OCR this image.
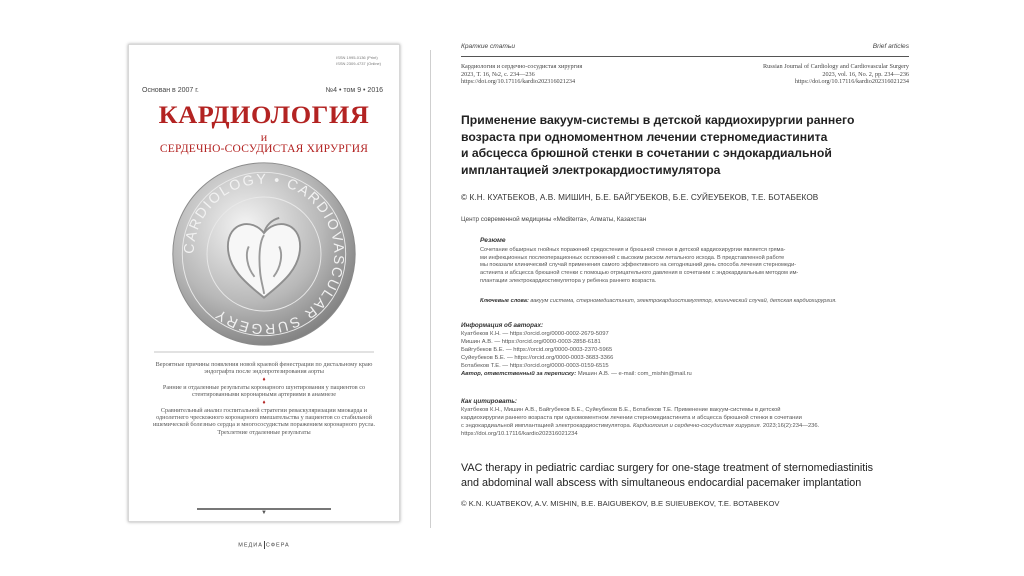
ISSN 1995-0136 (Print)
ISSN 2309-4737 (Online)
Основан в 2007 г.	№4 • том 9 • 2016
КАРДИОЛОГИЯ
и
СЕРДЕЧНО-СОСУДИСТАЯ ХИРУРГИЯ
CARDIOLOGY • CARDIOVASCULAR SURGERY
Вероятные причины появления новой краевой фенестрации по дистальному краю эндографта после эндопротезирования аорты
♦
Ранние и отдаленные результаты коронарного шунтирования у пациентов со стентированными коронарными артериями в анамнезе
♦
Сравнительный анализ госпитальной стратегии реваскуляризации миокарда и однолетнего чрескожного коронарного вмешательства у пациентов со стабильной ишемической болезнью сердца и многососудистым поражением коронарного русла. Трехлетние отдаленные результаты
▼
МЕДИА СФЕРА
Краткие статьи	Brief articles
Кардиология и сердечно-сосудистая хирургия
2023, Т. 16, №2, с. 234—236
https://doi.org/10.17116/kardio202316021234
Russian Journal of Cardiology and Cardiovascular Surgery
2023, vol. 16, No. 2, pp. 234—236
https://doi.org/10.17116/kardio202316021234
Применение вакуум-системы в детской кардиохирургии раннего
возраста при одномоментном лечении стерномедиастинита
и абсцесса брюшной стенки в сочетании с эндокардиальной
имплантацией электрокардиостимулятора
© К.Н. КУАТБЕКОВ, А.В. МИШИН, Б.Е. БАЙГУБЕКОВ, Б.Е. СУЙЕУБЕКОВ, Т.Е. БОТАБЕКОВ
Центр современной медицины «Mediterra», Алматы, Казахстан
Резюме
Сочетание обширных гнойных поражений средостения и брюшной стенки в детской кардиохирургии является гряма-
ми инфекционных послеоперационных осложнений с высоким риском летального исхода. В представленной работе
мы показали клинический случай применения самого эффективного на сегодняшний день способа лечения стерномеди-
астинита и абсцесса брюшной стенки с помощью отрицательного давления в сочетании с эндокардиальным методом им-
плантации электрокардиостимулятора у ребенка раннего возраста.
Ключевые слова: вакуум система, стерномедиастинит, электрокардиостимулятор, клинический случай, детская кардиохирургия.
Информация об авторах:
Куатбеков К.Н. — https://orcid.org/0000-0002-2679-5097
Мишин А.В. — https://orcid.org/0000-0003-2858-6181
Байгубеков Б.Е. — https://orcid.org/0000-0003-2370-5965
Суйеубеков Б.Е. — https://orcid.org/0000-0003-3683-3366
Ботабеков Т.Е. — https://orcid.org/0000-0003-0159-6515
Автор, ответственный за переписку: Мишин А.В. — e-mail: com_mishin@mail.ru
Как цитировать:
Куатбеков К.Н., Мишин А.В., Байгубеков Б.Е., Суйеубеков Б.Е., Ботабеков Т.Е. Применение вакуум-системы в детской
кардиохирургии раннего возраста при одномоментном лечении стерномедиастинита и абсцесса брюшной стенки в сочетании
с эндокардиальной имплантацией электрокардиостимулятора. Кардиология и сердечно-сосудистая хирургия. 2023;16(2):234—236.
https://doi.org/10.17116/kardio202316021234
VAC therapy in pediatric cardiac surgery for one-stage treatment of sternomediastinitis
and abdominal wall abscess with simultaneous endocardial pacemaker implantation
© K.N. KUATBEKOV, A.V. MISHIN, B.E. BAIGUBEKOV, B.E SUIEUBEKOV, T.E. BOTABEKOV
